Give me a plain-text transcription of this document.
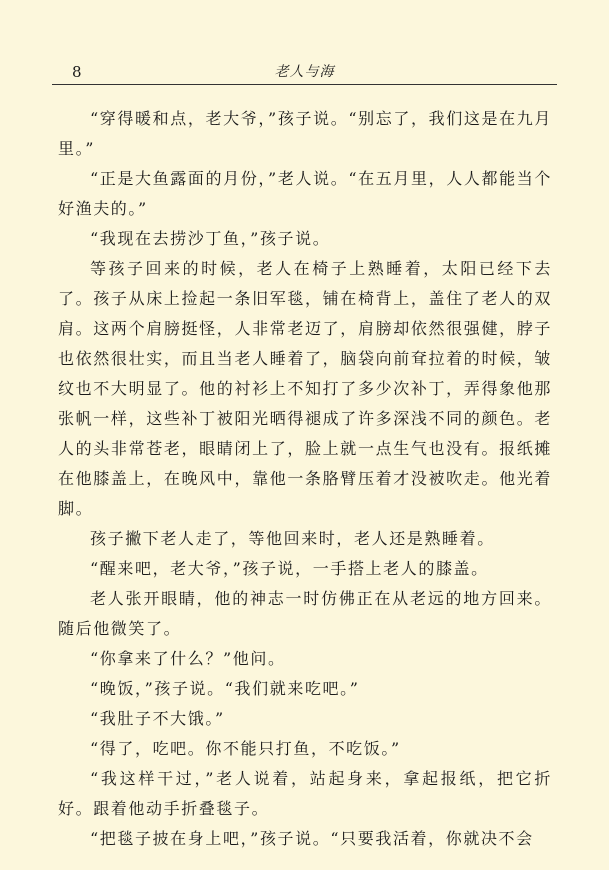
8	老人与海

“穿得暖和点，老大爷，”孩子说。“别忘了，我们这是在九月里。”

“正是大鱼露面的月份，”老人说。“在五月里，人人都能当个好渔夫的。”

“我现在去捞沙丁鱼，”孩子说。

等孩子回来的时候，老人在椅子上熟睡着，太阳已经下去了。孩子从床上捡起一条旧军毯，铺在椅背上，盖住了老人的双肩。这两个肩膀挺怪，人非常老迈了，肩膀却依然很强健，脖子也依然很壮实，而且当老人睡着了，脑袋向前耷拉着的时候，皱纹也不大明显了。他的衬衫上不知打了多少次补丁，弄得象他那张帆一样，这些补丁被阳光晒得褪成了许多深浅不同的颜色。老人的头非常苍老，眼睛闭上了，脸上就一点生气也没有。报纸摊在他膝盖上，在晚风中，靠他一条胳臂压着才没被吹走。他光着脚。

孩子撇下老人走了，等他回来时，老人还是熟睡着。

“醒来吧，老大爷，”孩子说，一手搭上老人的膝盖。

老人张开眼睛，他的神志一时仿佛正在从老远的地方回来。随后他微笑了。

“你拿来了什么？”他问。

“晚饭，”孩子说。“我们就来吃吧。”

“我肚子不大饿。”

“得了，吃吧。你不能只打鱼，不吃饭。”

“我这样干过，”老人说着，站起身来，拿起报纸，把它折好。跟着他动手折叠毯子。

“把毯子披在身上吧，”孩子说。“只要我活着，你就决不会
